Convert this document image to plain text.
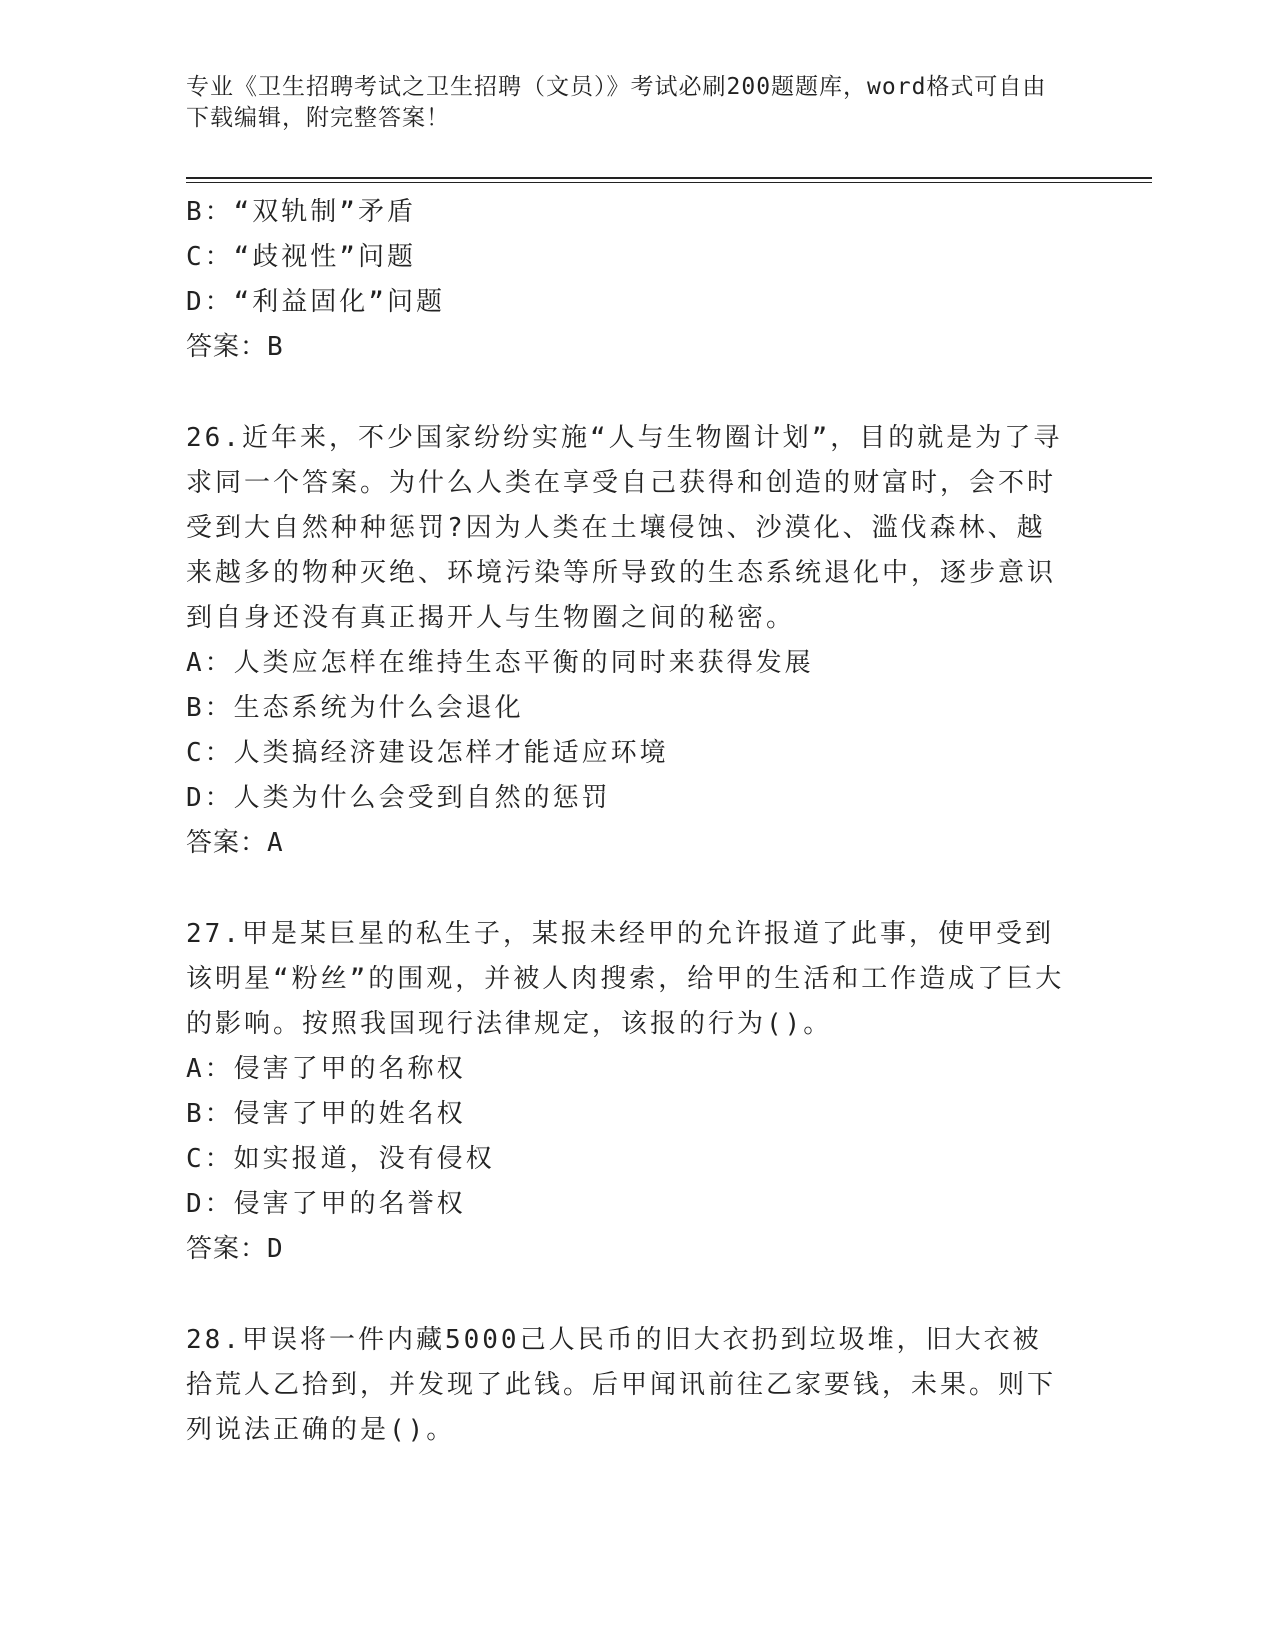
专业《卫生招聘考试之卫生招聘（文员）》考试必刷200题题库，word格式可自由下载编辑，附完整答案！
B：“双轨制”矛盾
C：“歧视性”问题
D：“利益固化”问题
答案：B
26.近年来，不少国家纷纷实施“人与生物圈计划”，目的就是为了寻求同一个答案。为什么人类在享受自己获得和创造的财富时，会不时受到大自然种种惩罚?因为人类在土壤侵蚀、沙漠化、滥伐森林、越来越多的物种灭绝、环境污染等所导致的生态系统退化中，逐步意识到自身还没有真正揭开人与生物圈之间的秘密。
A：人类应怎样在维持生态平衡的同时来获得发展
B：生态系统为什么会退化
C：人类搞经济建设怎样才能适应环境
D：人类为什么会受到自然的惩罚
答案：A
27.甲是某巨星的私生子，某报未经甲的允许报道了此事，使甲受到该明星“粉丝”的围观，并被人肉搜索，给甲的生活和工作造成了巨大的影响。按照我国现行法律规定，该报的行为()。
A：侵害了甲的名称权
B：侵害了甲的姓名权
C：如实报道，没有侵权
D：侵害了甲的名誉权
答案：D
28.甲误将一件内藏5000己人民币的旧大衣扔到垃圾堆，旧大衣被拾荒人乙拾到，并发现了此钱。后甲闻讯前往乙家要钱，未果。则下列说法正确的是()。
